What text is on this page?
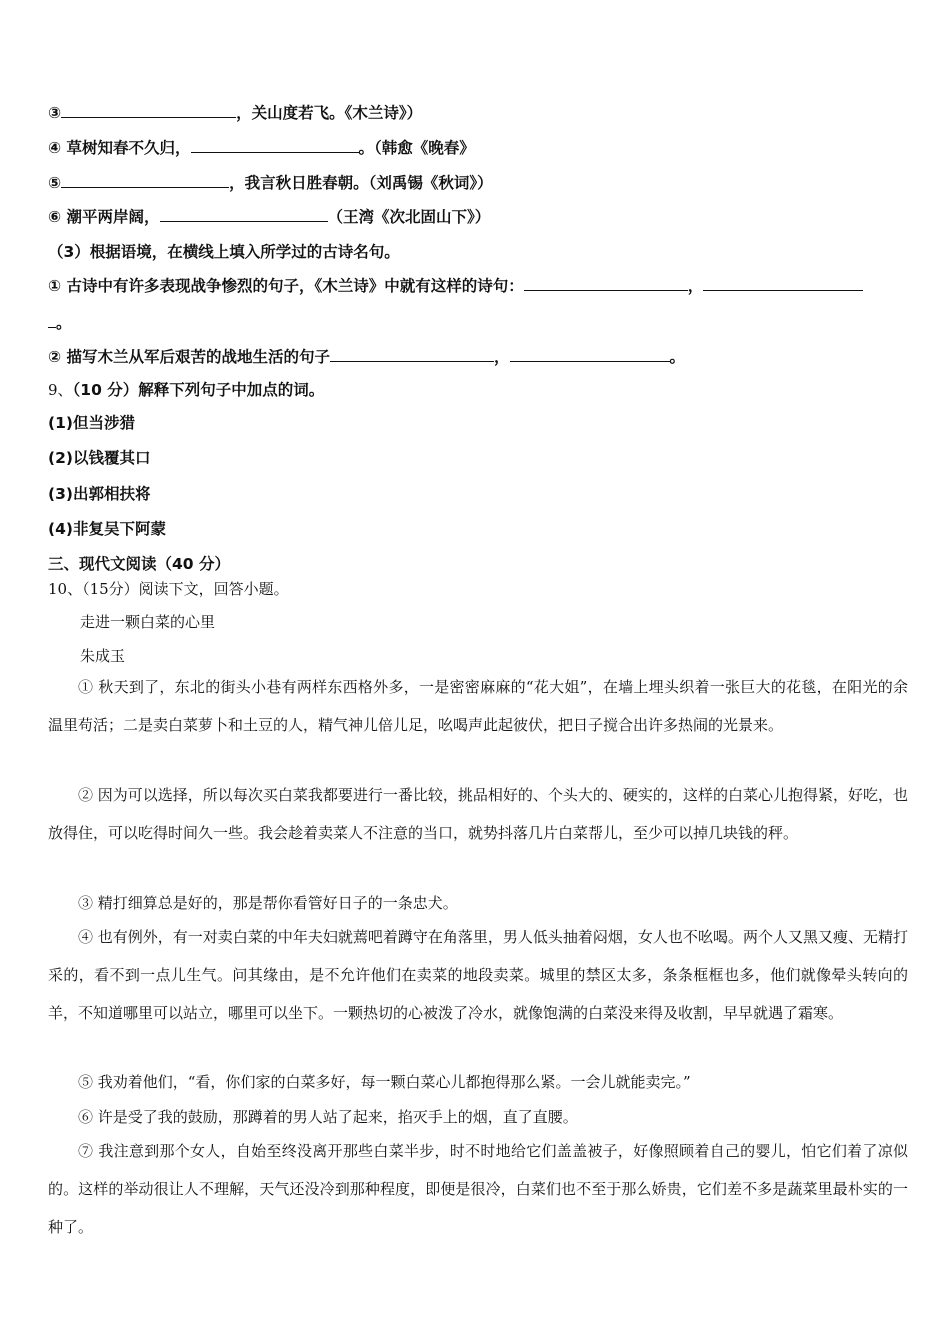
③	，关山度若飞。《木兰诗》）
④ 草树知春不久归，	。（韩愈《晚春》
⑤	，我言秋日胜春朝。（刘禹锡《秋词》）
⑥ 潮平两岸阔，	（王湾《次北固山下》）
（3）根据语境，在横线上填入所学过的古诗名句。
① 古诗中有许多表现战争惨烈的句子，《木兰诗》中就有这样的诗句：	，
。
② 描写木兰从军后艰苦的战地生活的句子	，	。
9、（10 分）解释下列句子中加点的词。
(1)但当涉猎
(2)以钱覆其口
(3)出郭相扶将
(4)非复吴下阿蒙
三、现代文阅读（40 分）
10、（15分）阅读下文，回答小题。
走进一颗白菜的心里
朱成玉
① 秋天到了，东北的街头小巷有两样东西格外多，一是密密麻麻的“花大姐”，在墙上埋头织着一张巨大的花毯，在阳光的余温里苟活；二是卖白菜萝卜和土豆的人，精气神儿倍儿足，吆喝声此起彼伏，把日子搅合出许多热闹的光景来。
② 因为可以选择，所以每次买白菜我都要进行一番比较，挑品相好的、个头大的、硬实的，这样的白菜心儿抱得紧，好吃，也放得住，可以吃得时间久一些。我会趁着卖菜人不注意的当口，就势抖落几片白菜帮儿，至少可以掉几块钱的秤。
③ 精打细算总是好的，那是帮你看管好日子的一条忠犬。
④ 也有例外，有一对卖白菜的中年夫妇就蔫吧着蹲守在角落里，男人低头抽着闷烟，女人也不吆喝。两个人又黑又瘦、无精打采的，看不到一点儿生气。问其缘由，是不允许他们在卖菜的地段卖菜。城里的禁区太多，条条框框也多，他们就像晕头转向的羊，不知道哪里可以站立，哪里可以坐下。一颗热切的心被泼了冷水，就像饱满的白菜没来得及收割，早早就遇了霜寒。
⑤ 我劝着他们，“看，你们家的白菜多好，每一颗白菜心儿都抱得那么紧。一会儿就能卖完。”
⑥ 许是受了我的鼓励，那蹲着的男人站了起来，掐灭手上的烟，直了直腰。
⑦ 我注意到那个女人，自始至终没离开那些白菜半步，时不时地给它们盖盖被子，好像照顾着自己的婴儿，怕它们着了凉似的。这样的举动很让人不理解，天气还没冷到那种程度，即便是很冷，白菜们也不至于那么娇贵，它们差不多是蔬菜里最朴实的一种了。
